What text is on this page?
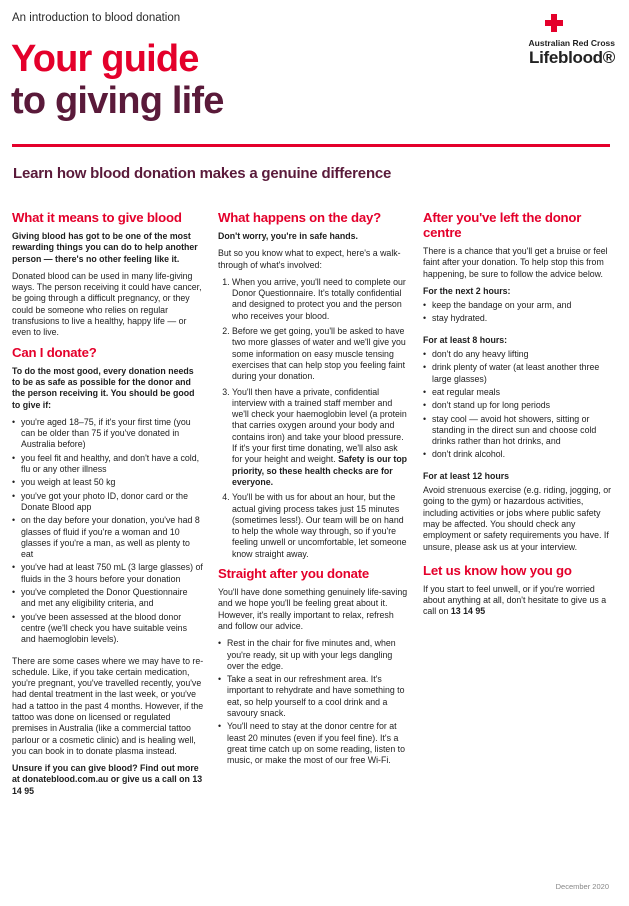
An introduction to blood donation
Your guide
to giving life
Australian Red Cross
Lifeblood®
Learn how blood donation makes a genuine difference
What it means to give blood

Giving blood has got to be one of the most rewarding things you can do to help another person — there's no other feeling like it.

Donated blood can be used in many life-giving ways. The person receiving it could have cancer, be going through a difficult pregnancy, or they could be someone who relies on regular transfusions to live a healthy, happy life — or even to live.

Can I donate?

To do the most good, every donation needs to be as safe as possible for the donor and the person receiving it. You should be good to give if:

• you're aged 18–75, if it's your first time (you can be older than 75 if you've donated in Australia before)
• you feel fit and healthy, and don't have a cold, flu or any other illness
• you weigh at least 50 kg
• you've got your photo ID, donor card or the Donate Blood app
• on the day before your donation, you've had 8 glasses of fluid if you're a woman and 10 glasses if you're a man, as well as plenty to eat
• you've had at least 750 mL (3 large glasses) of fluids in the 3 hours before your donation
• you've completed the Donor Questionnaire and met any eligibility criteria, and
• you've been assessed at the blood donor centre (we'll check you have suitable veins and haemoglobin levels).

There are some cases where we may have to re-schedule. Like, if you take certain medication, you're pregnant, you've travelled recently, you've had dental treatment in the last week, or you've had a tattoo in the past 4 months. However, if the tattoo was done on licensed or regulated premises in Australia (like a commercial tattoo parlour or a cosmetic clinic) and is healing well, you can book in to donate plasma instead.

Unsure if you can give blood? Find out more at donateblood.com.au or give us a call on 13 14 95

What happens on the day?

Don't worry, you're in safe hands.

But so you know what to expect, here's a walk-through of what's involved:

1. When you arrive, you'll need to complete our Donor Questionnaire. It's totally confidential and designed to protect you and the person who receives your blood.
2. Before we get going, you'll be asked to have two more glasses of water and we'll give you some information on easy muscle tensing exercises that can help stop you feeling faint during your donation.
3. You'll then have a private, confidential interview with a trained staff member and we'll check your haemoglobin level (a protein that carries oxygen around your body and contains iron) and take your blood pressure. If it's your first time donating, we'll also ask for your height and weight. Safety is our top priority, so these health checks are for everyone.
4. You'll be with us for about an hour, but the actual giving process takes just 15 minutes (sometimes less!). Our team will be on hand to help the whole way through, so if you're feeling unwell or uncomfortable, let someone know straight away.
Straight after you donate

You'll have done something genuinely life-saving and we hope you'll be feeling great about it. However, it's really important to relax, refresh and follow our advice.

• Rest in the chair for five minutes and, when you're ready, sit up with your legs dangling over the edge.
• Take a seat in our refreshment area. It's important to rehydrate and have something to eat, so help yourself to a cool drink and a savoury snack.
• You'll need to stay at the donor centre for at least 20 minutes (even if you feel fine). It's a great time catch up on some reading, listen to music, or make the most of our free Wi-Fi.
After you've left the donor centre

There is a chance that you'll get a bruise or feel faint after your donation. To help stop this from happening, be sure to follow the advice below.

For the next 2 hours:
• keep the bandage on your arm, and
• stay hydrated.
For at least 8 hours:
• don't do any heavy lifting
• drink plenty of water (at least another three large glasses)
• eat regular meals
• don't stand up for long periods
• stay cool — avoid hot showers, sitting or standing in the direct sun and choose cold drinks rather than hot drinks, and
• don't drink alcohol.
For at least 12 hours

Avoid strenuous exercise (e.g. riding, jogging, or going to the gym) or hazardous activities, including activities or jobs where public safety may be affected. You should check any employment or safety requirements you have. If unsure, please ask us at your interview.

Let us know how you go

If you start to feel unwell, or if you're worried about anything at all, don't hesitate to give us a call on 13 14 95

December 2020
